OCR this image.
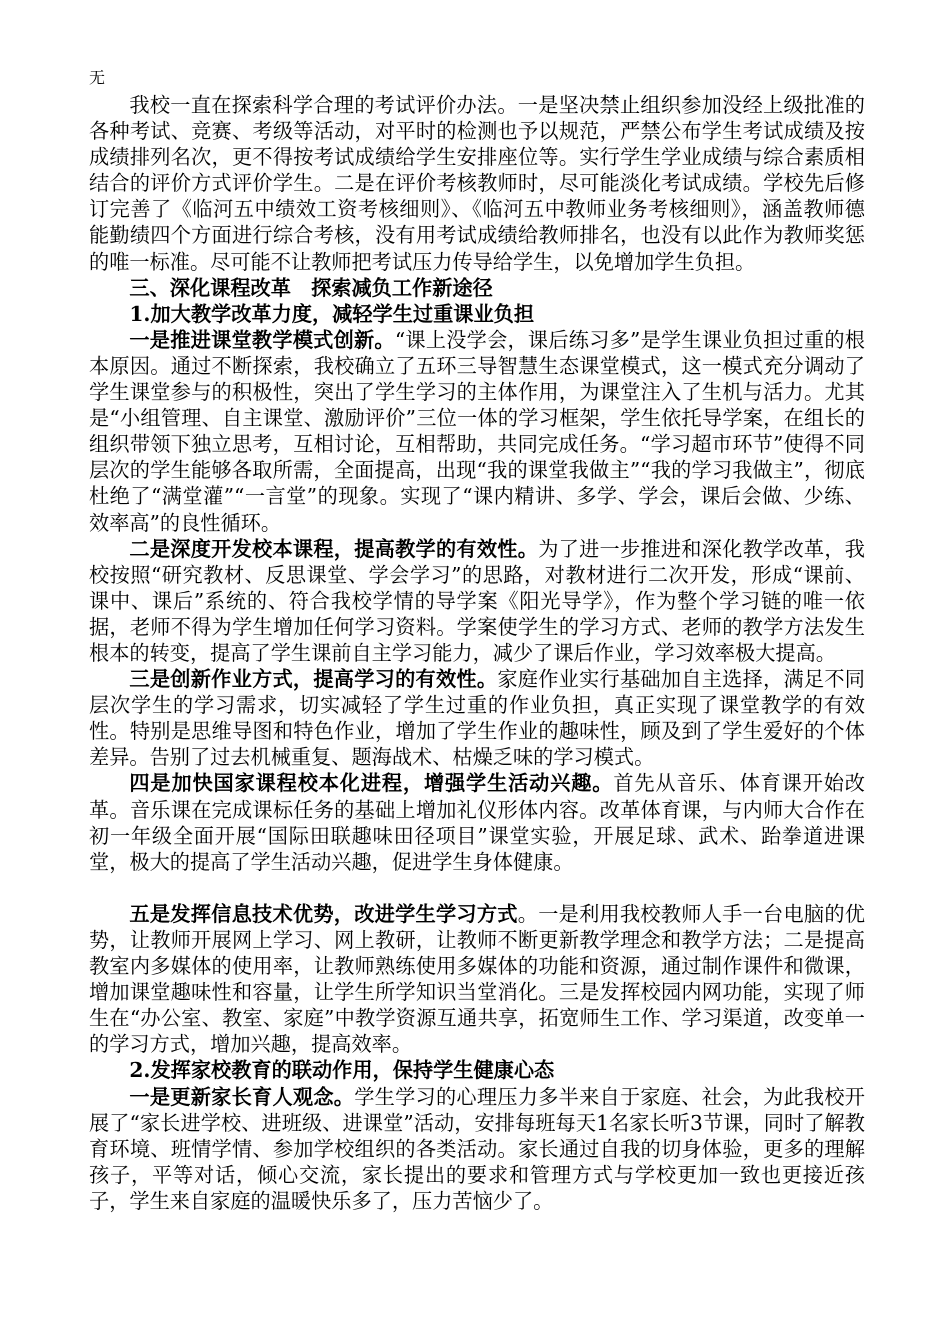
无

我校一直在探索科学合理的考试评价办法。一是坚决禁止组织参加没经上级批准的各种考试、竞赛、考级等活动，对平时的检测也予以规范，严禁公布学生考试成绩及按成绩排列名次，更不得按考试成绩给学生安排座位等。实行学生学业成绩与综合素质相结合的评价方式评价学生。二是在评价考核教师时，尽可能淡化考试成绩。学校先后修订完善了《临河五中绩效工资考核细则》、《临河五中教师业务考核细则》，涵盖教师德能勤绩四个方面进行综合考核，没有用考试成绩给教师排名，也没有以此作为教师奖惩的唯一标准。尽可能不让教师把考试压力传导给学生，以免增加学生负担。

三、深化课程改革　探索减负工作新途径
1.加大教学改革力度，减轻学生过重课业负担

一是推进课堂教学模式创新。“课上没学会，课后练习多”是学生课业负担过重的根本原因。通过不断探索，我校确立了五环三导智慧生态课堂模式，这一模式充分调动了学生课堂参与的积极性，突出了学生学习的主体作用，为课堂注入了生机与活力。尤其是“小组管理、自主课堂、激励评价”三位一体的学习框架，学生依托导学案，在组长的组织带领下独立思考，互相讨论，互相帮助，共同完成任务。“学习超市环节”使得不同层次的学生能够各取所需，全面提高，出现“我的课堂我做主”“我的学习我做主”，彻底杜绝了“满堂灌”“一言堂”的现象。实现了“课内精讲、多学、学会，课后会做、少练、效率高”的良性循环。

二是深度开发校本课程，提高教学的有效性。为了进一步推进和深化教学改革，我校按照“研究教材、反思课堂、学会学习”的思路，对教材进行二次开发，形成“课前、课中、课后”系统的、符合我校学情的导学案《阳光导学》，作为整个学习链的唯一依据，老师不得为学生增加任何学习资料。学案使学生的学习方式、老师的教学方法发生根本的转变，提高了学生课前自主学习能力，减少了课后作业，学习效率极大提高。

三是创新作业方式，提高学习的有效性。家庭作业实行基础加自主选择，满足不同层次学生的学习需求，切实减轻了学生过重的作业负担，真正实现了课堂教学的有效性。特别是思维导图和特色作业，增加了学生作业的趣味性，顾及到了学生爱好的个体差异。告别了过去机械重复、题海战术、枯燥乏味的学习模式。

四是加快国家课程校本化进程，增强学生活动兴趣。首先从音乐、体育课开始改革。音乐课在完成课标任务的基础上增加礼仪形体内容。改革体育课，与内师大合作在初一年级全面开展“国际田联趣味田径项目”课堂实验，开展足球、武术、跆拳道进课堂，极大的提高了学生活动兴趣，促进学生身体健康。

五是发挥信息技术优势，改进学生学习方式。一是利用我校教师人手一台电脑的优势，让教师开展网上学习、网上教研，让教师不断更新教学理念和教学方法；二是提高教室内多媒体的使用率，让教师熟练使用多媒体的功能和资源，通过制作课件和微课，增加课堂趣味性和容量，让学生所学知识当堂消化。三是发挥校园内网功能，实现了师生在“办公室、教室、家庭”中教学资源互通共享，拓宽师生工作、学习渠道，改变单一的学习方式，增加兴趣，提高效率。

2.发挥家校教育的联动作用，保持学生健康心态

一是更新家长育人观念。学生学习的心理压力多半来自于家庭、社会，为此我校开展了“家长进学校、进班级、进课堂”活动，安排每班每天1名家长听3节课，同时了解教育环境、班情学情、参加学校组织的各类活动。家长通过自我的切身体验，更多的理解孩子，平等对话，倾心交流，家长提出的要求和管理方式与学校更加一致也更接近孩子，学生来自家庭的温暖快乐多了，压力苦恼少了。
